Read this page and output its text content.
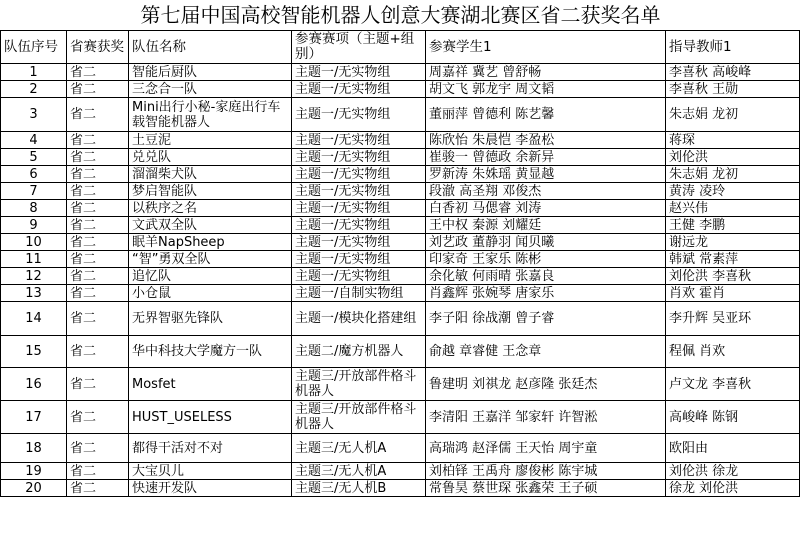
第七届中国高校智能机器人创意大赛湖北赛区省二获奖名单
队伍序号	省赛获奖	队伍名称	参赛赛项（主题+组别）	参赛学生1	指导教师1
1	省二	智能后厨队	主题一/无实物组	周嘉祥 冀艺 曾舒畅	李喜秋 高峻峰
2	省二	三念合一队	主题一/无实物组	胡文飞 郭龙宇 周文韬	李喜秋 王勋
3	省二	Mini出行小秘-家庭出行车载智能机器人	主题一/无实物组	董丽萍 曾德利 陈艺馨	朱志娟 龙初
4	省二	土豆泥	主题一/无实物组	陈欣怡 朱晨恺 李盈松	蒋琛
5	省二	兑兑队	主题一/无实物组	崔骏一 曾德政 余新异	刘伦洪
6	省二	溜溜柴犬队	主题一/无实物组	罗新涛 朱姝瑶 黄显越	朱志娟 龙初
7	省二	梦启智能队	主题一/无实物组	段澈 高圣翔 邓俊杰	黄涛 凌玲
8	省二	以秩序之名	主题一/无实物组	白香初 马偲睿 刘涛	赵兴伟
9	省二	文武双全队	主题一/无实物组	王中权 秦源 刘耀廷	王健 李鹏
10	省二	眠羊NapSheep	主题一/无实物组	刘艺政 董静羽 闻贝曦	谢远龙
11	省二	“智”勇双全队	主题一/无实物组	印家奇 王家乐 陈彬	韩斌 常素萍
12	省二	追忆队	主题一/无实物组	余化敏 何雨晴 张嘉良	刘伦洪 李喜秋
13	省二	小仓鼠	主题一/自制实物组	肖鑫辉 张婉琴 唐家乐	肖欢 霍肖
14	省二	无界智驱先锋队	主题一/模块化搭建组	李子阳 徐战潮 曾子睿	李升辉 吴亚环
15	省二	华中科技大学魔方一队	主题二/魔方机器人	俞越 章睿健 王念章	程佩 肖欢
16	省二	Mosfet	主题三/开放部件格斗机器人	鲁建明 刘祺龙 赵彦隆 张廷杰	卢文龙 李喜秋
17	省二	HUST_USELESS	主题三/开放部件格斗机器人	李清阳 王嘉洋 邹家轩 许智淞	高峻峰 陈钢
18	省二	都得干活对不对	主题三/无人机A	高瑞鸿 赵泽儒 王天怡 周宇童	欧阳由
19	省二	大宝贝儿	主题三/无人机A	刘柏铎 王禹舟 廖俊彬 陈宇城	刘伦洪 徐龙
20	省二	快速开发队	主题三/无人机B	常鲁昊 蔡世琛 张鑫荣 王子硕	徐龙 刘伦洪
